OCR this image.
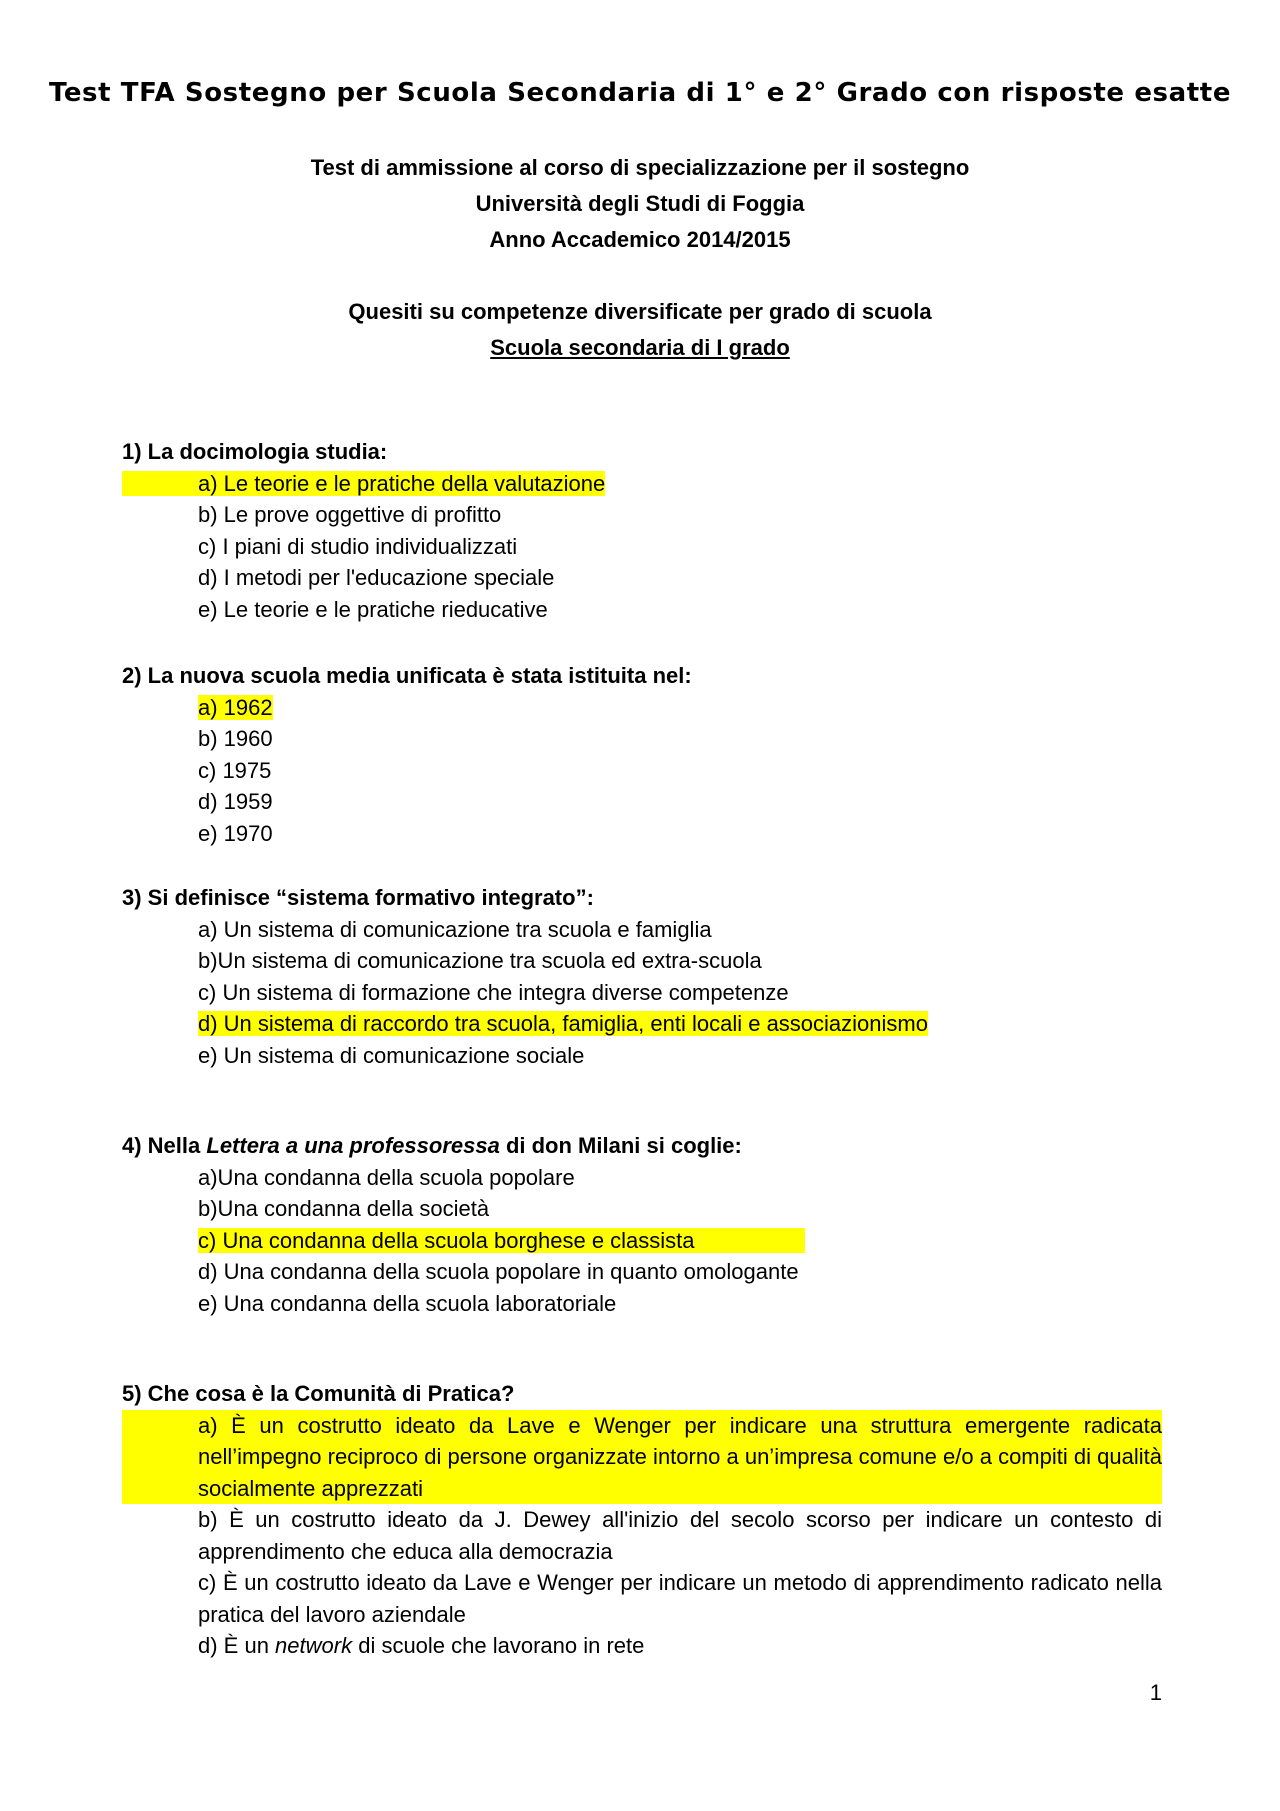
Test TFA Sostegno per Scuola Secondaria di 1° e 2° Grado con risposte esatte
Test di ammissione al corso di specializzazione per il sostegno
Università degli Studi di Foggia
Anno Accademico 2014/2015
Quesiti su competenze diversificate per grado di scuola
Scuola secondaria di I grado
1) La docimologia studia:
a) Le teorie e le pratiche della valutazione
b) Le prove oggettive di profitto
c) I piani di studio individualizzati
d) I metodi per l'educazione speciale
e) Le teorie e le pratiche rieducative
2) La nuova scuola media unificata è stata istituita nel:
a) 1962
b) 1960
c) 1975
d) 1959
e) 1970
3) Si definisce “sistema formativo integrato”:
a) Un sistema di comunicazione tra scuola e famiglia
b)Un sistema di comunicazione tra scuola ed extra-scuola
c) Un sistema di formazione che integra diverse competenze
d) Un sistema di raccordo tra scuola, famiglia, enti locali e associazionismo
e) Un sistema di comunicazione sociale
4) Nella Lettera a una professoressa di don Milani si coglie:
a)Una condanna della scuola popolare
b)Una condanna della società
c) Una condanna della scuola borghese e classista
d) Una condanna della scuola popolare in quanto omologante
e) Una condanna della scuola laboratoriale
5) Che cosa è la Comunità di Pratica?
a) È un costrutto ideato da Lave e Wenger per indicare una struttura emergente radicata nell’impegno reciproco di persone organizzate intorno a un’impresa comune e/o a compiti di qualità socialmente apprezzati
b) È un costrutto ideato da J. Dewey all'inizio del secolo scorso per indicare un contesto di apprendimento che educa alla democrazia
c) È un costrutto ideato da Lave e Wenger per indicare un metodo di apprendimento radicato nella pratica del lavoro aziendale
d) È un network di scuole che lavorano in rete
1
